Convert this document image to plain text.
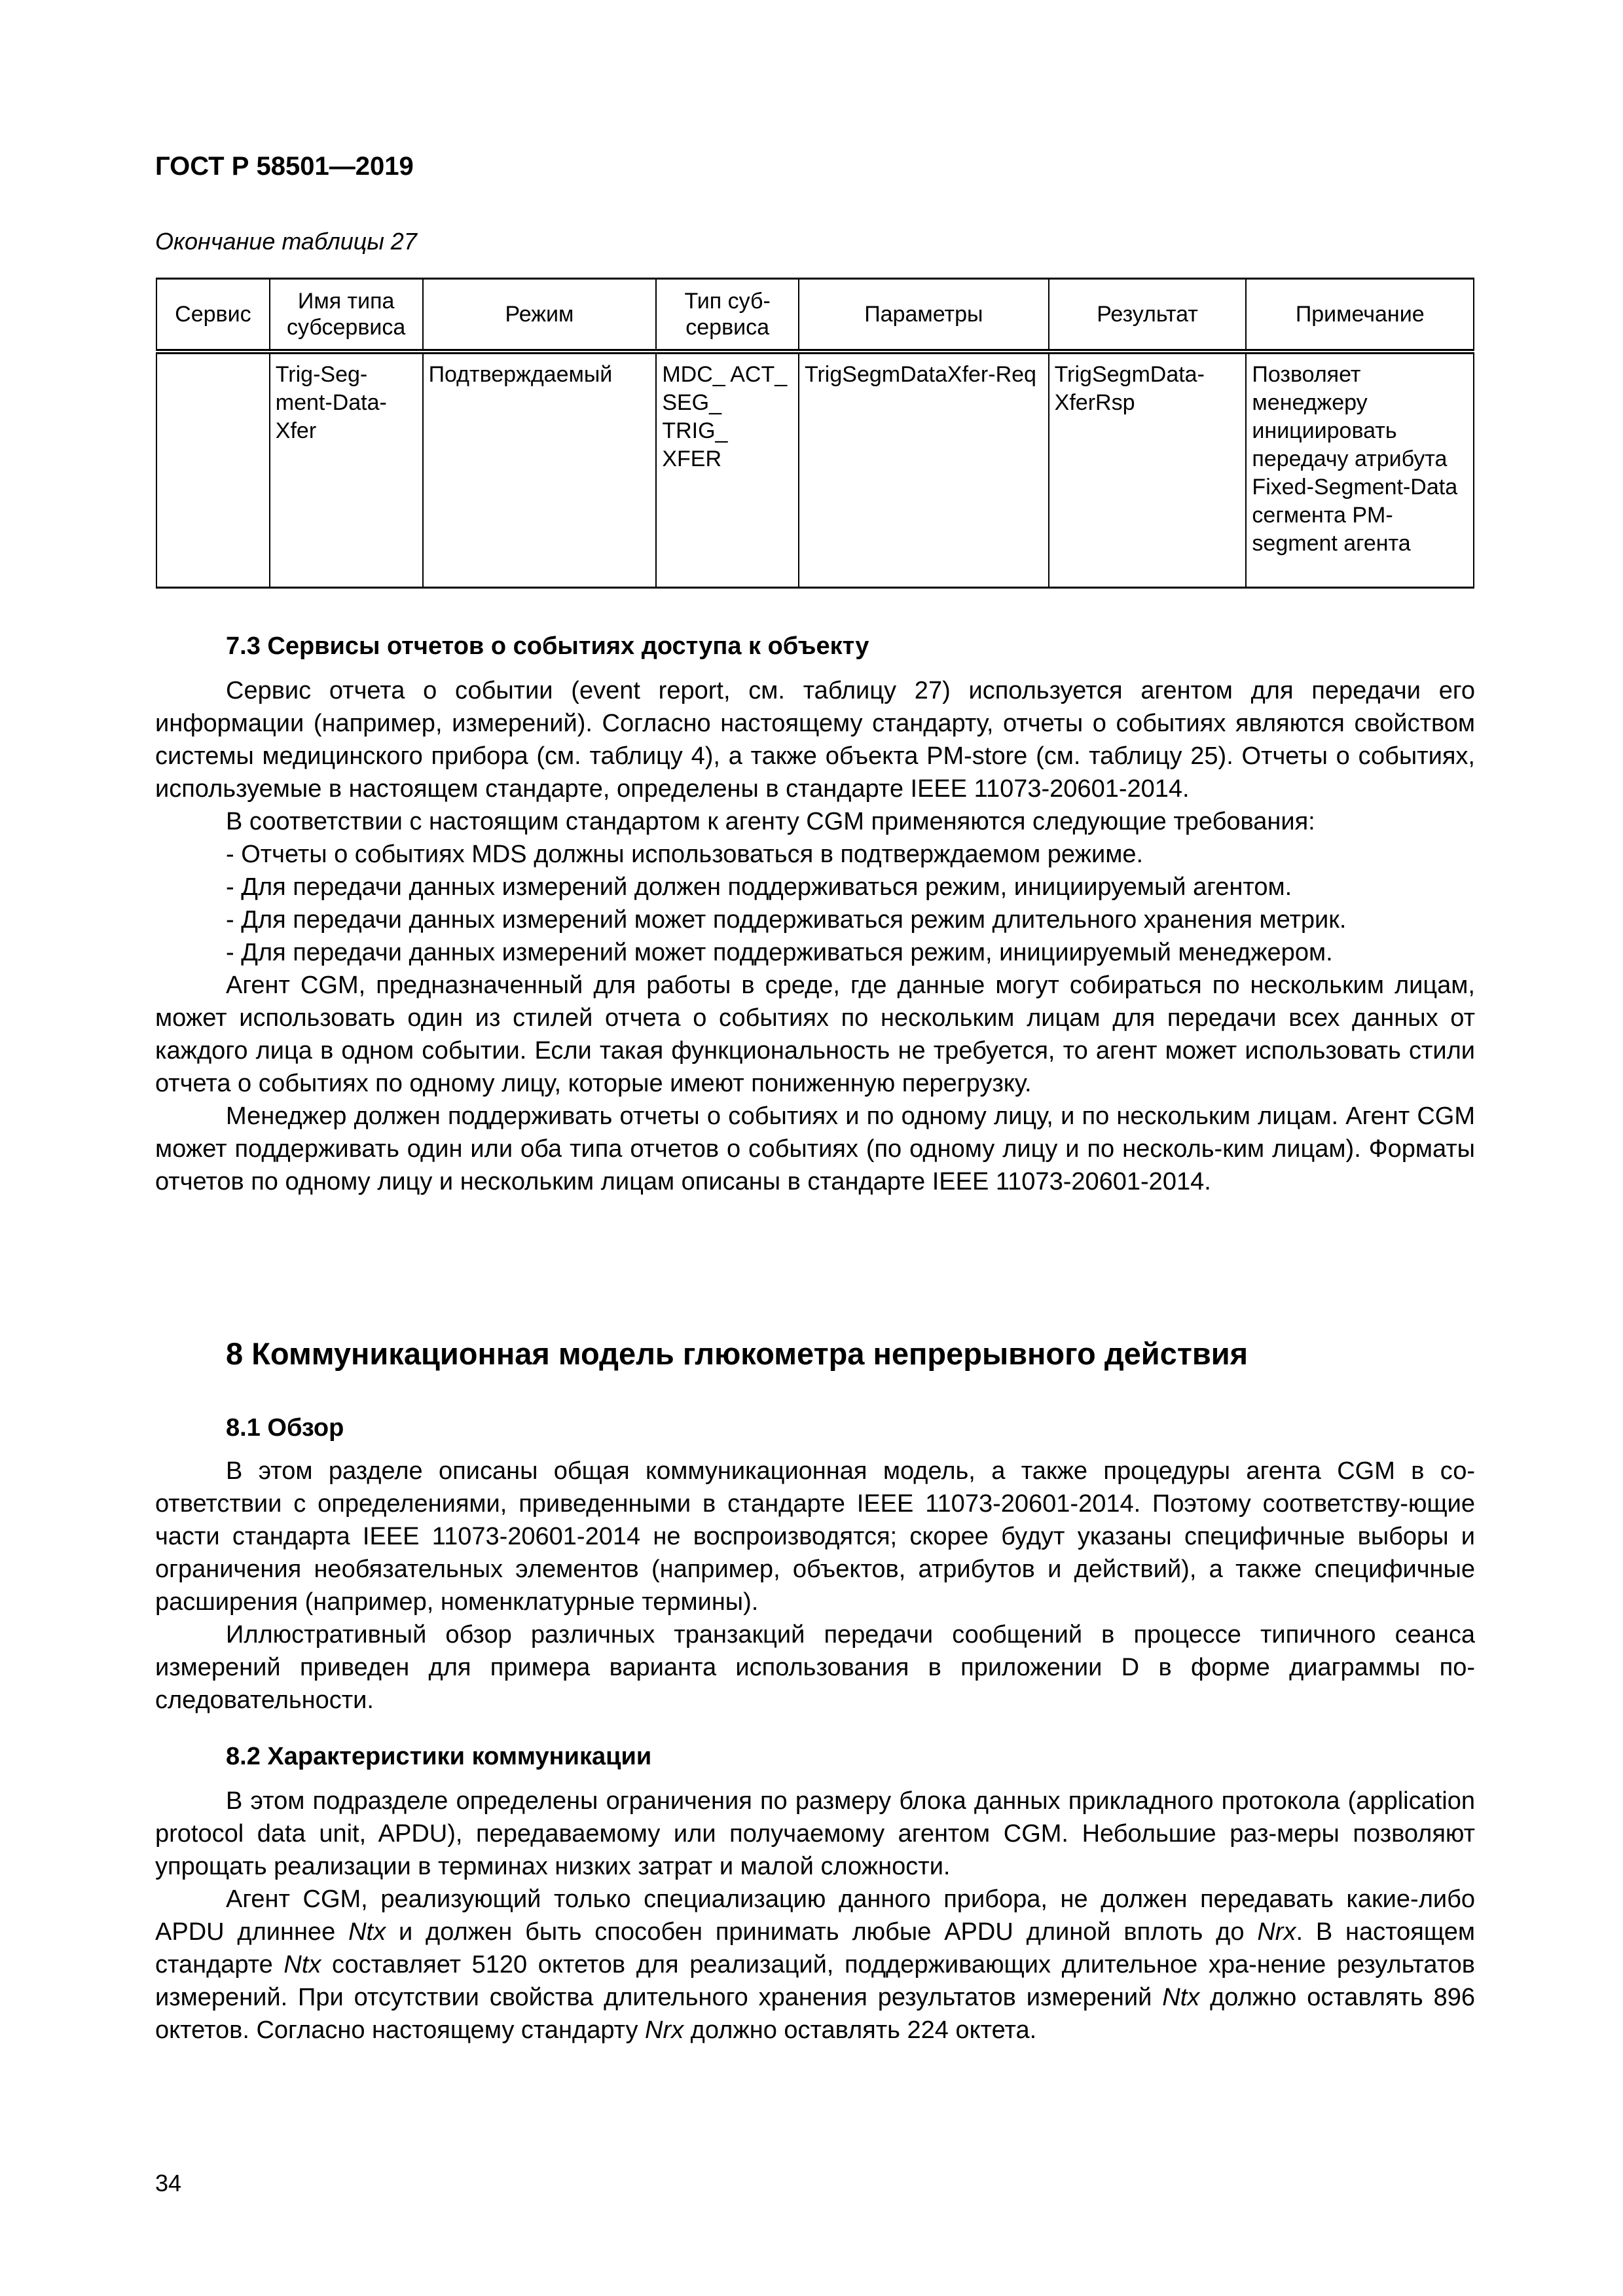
ГОСТ Р 58501—2019
Окончание таблицы 27
Сервис	Имя типа субсервиса	Режим	Тип суб-сервиса	Параметры	Результат	Примечание
	Trig-Seg-ment-Data-Xfer	Подтверждаемый	MDC_ ACT_ SEG_ TRIG_ XFER	TrigSegmDataXfer-Req	TrigSegmData-XferRsp	Позволяет менеджеру инициировать передачу атрибута Fixed-Segment-Data сегмента PM-segment агента
7.3 Сервисы отчетов о событиях доступа к объекту

Сервис отчета о событии (event report, см. таблицу 27) используется агентом для передачи его информации (например, измерений). Согласно настоящему стандарту, отчеты о событиях являются свойством системы медицинского прибора (см. таблицу 4), а также объекта PM-store (см. таблицу 25). Отчеты о событиях, используемые в настоящем стандарте, определены в стандарте IEEE 11073-20601-2014.

В соответствии с настоящим стандартом к агенту CGM применяются следующие требования:

- Отчеты о событиях MDS должны использоваться в подтверждаемом режиме.

- Для передачи данных измерений должен поддерживаться режим, инициируемый агентом.

- Для передачи данных измерений может поддерживаться режим длительного хранения метрик.

- Для передачи данных измерений может поддерживаться режим, инициируемый менеджером.

Агент CGM, предназначенный для работы в среде, где данные могут собираться по нескольким лицам, может использовать один из стилей отчета о событиях по нескольким лицам для передачи всех данных от каждого лица в одном событии. Если такая функциональность не требуется, то агент может использовать стили отчета о событиях по одному лицу, которые имеют пониженную перегрузку.

Менеджер должен поддерживать отчеты о событиях и по одному лицу, и по нескольким лицам. Агент CGM может поддерживать один или оба типа отчетов о событиях (по одному лицу и по несколь-ким лицам). Форматы отчетов по одному лицу и нескольким лицам описаны в стандарте IEEE 11073-20601-2014.

8 Коммуникационная модель глюкометра непрерывного действия
8.1 Обзор

В этом разделе описаны общая коммуникационная модель, а также процедуры агента CGM в со-ответствии с определениями, приведенными в стандарте IEEE 11073-20601-2014. Поэтому соответству-ющие части стандарта IEEE 11073-20601-2014 не воспроизводятся; скорее будут указаны специфичные выборы и ограничения необязательных элементов (например, объектов, атрибутов и действий), а также специфичные расширения (например, номенклатурные термины).

Иллюстративный обзор различных транзакций передачи сообщений в процессе типичного сеанса измерений приведен для примера варианта использования в приложении D в форме диаграммы по-следовательности.

8.2 Характеристики коммуникации

В этом подразделе определены ограничения по размеру блока данных прикладного протокола (application protocol data unit, APDU), передаваемому или получаемому агентом CGM. Небольшие раз-меры позволяют упрощать реализации в терминах низких затрат и малой сложности.

Агент CGM, реализующий только специализацию данного прибора, не должен передавать какие-либо APDU длиннее Ntx и должен быть способен принимать любые APDU длиной вплоть до Nrx. В настоящем стандарте Ntx составляет 5120 октетов для реализаций, поддерживающих длительное хра-нение результатов измерений. При отсутствии свойства длительного хранения результатов измерений Ntx должно оставлять 896 октетов. Согласно настоящему стандарту Nrx должно оставлять 224 октета.

34
